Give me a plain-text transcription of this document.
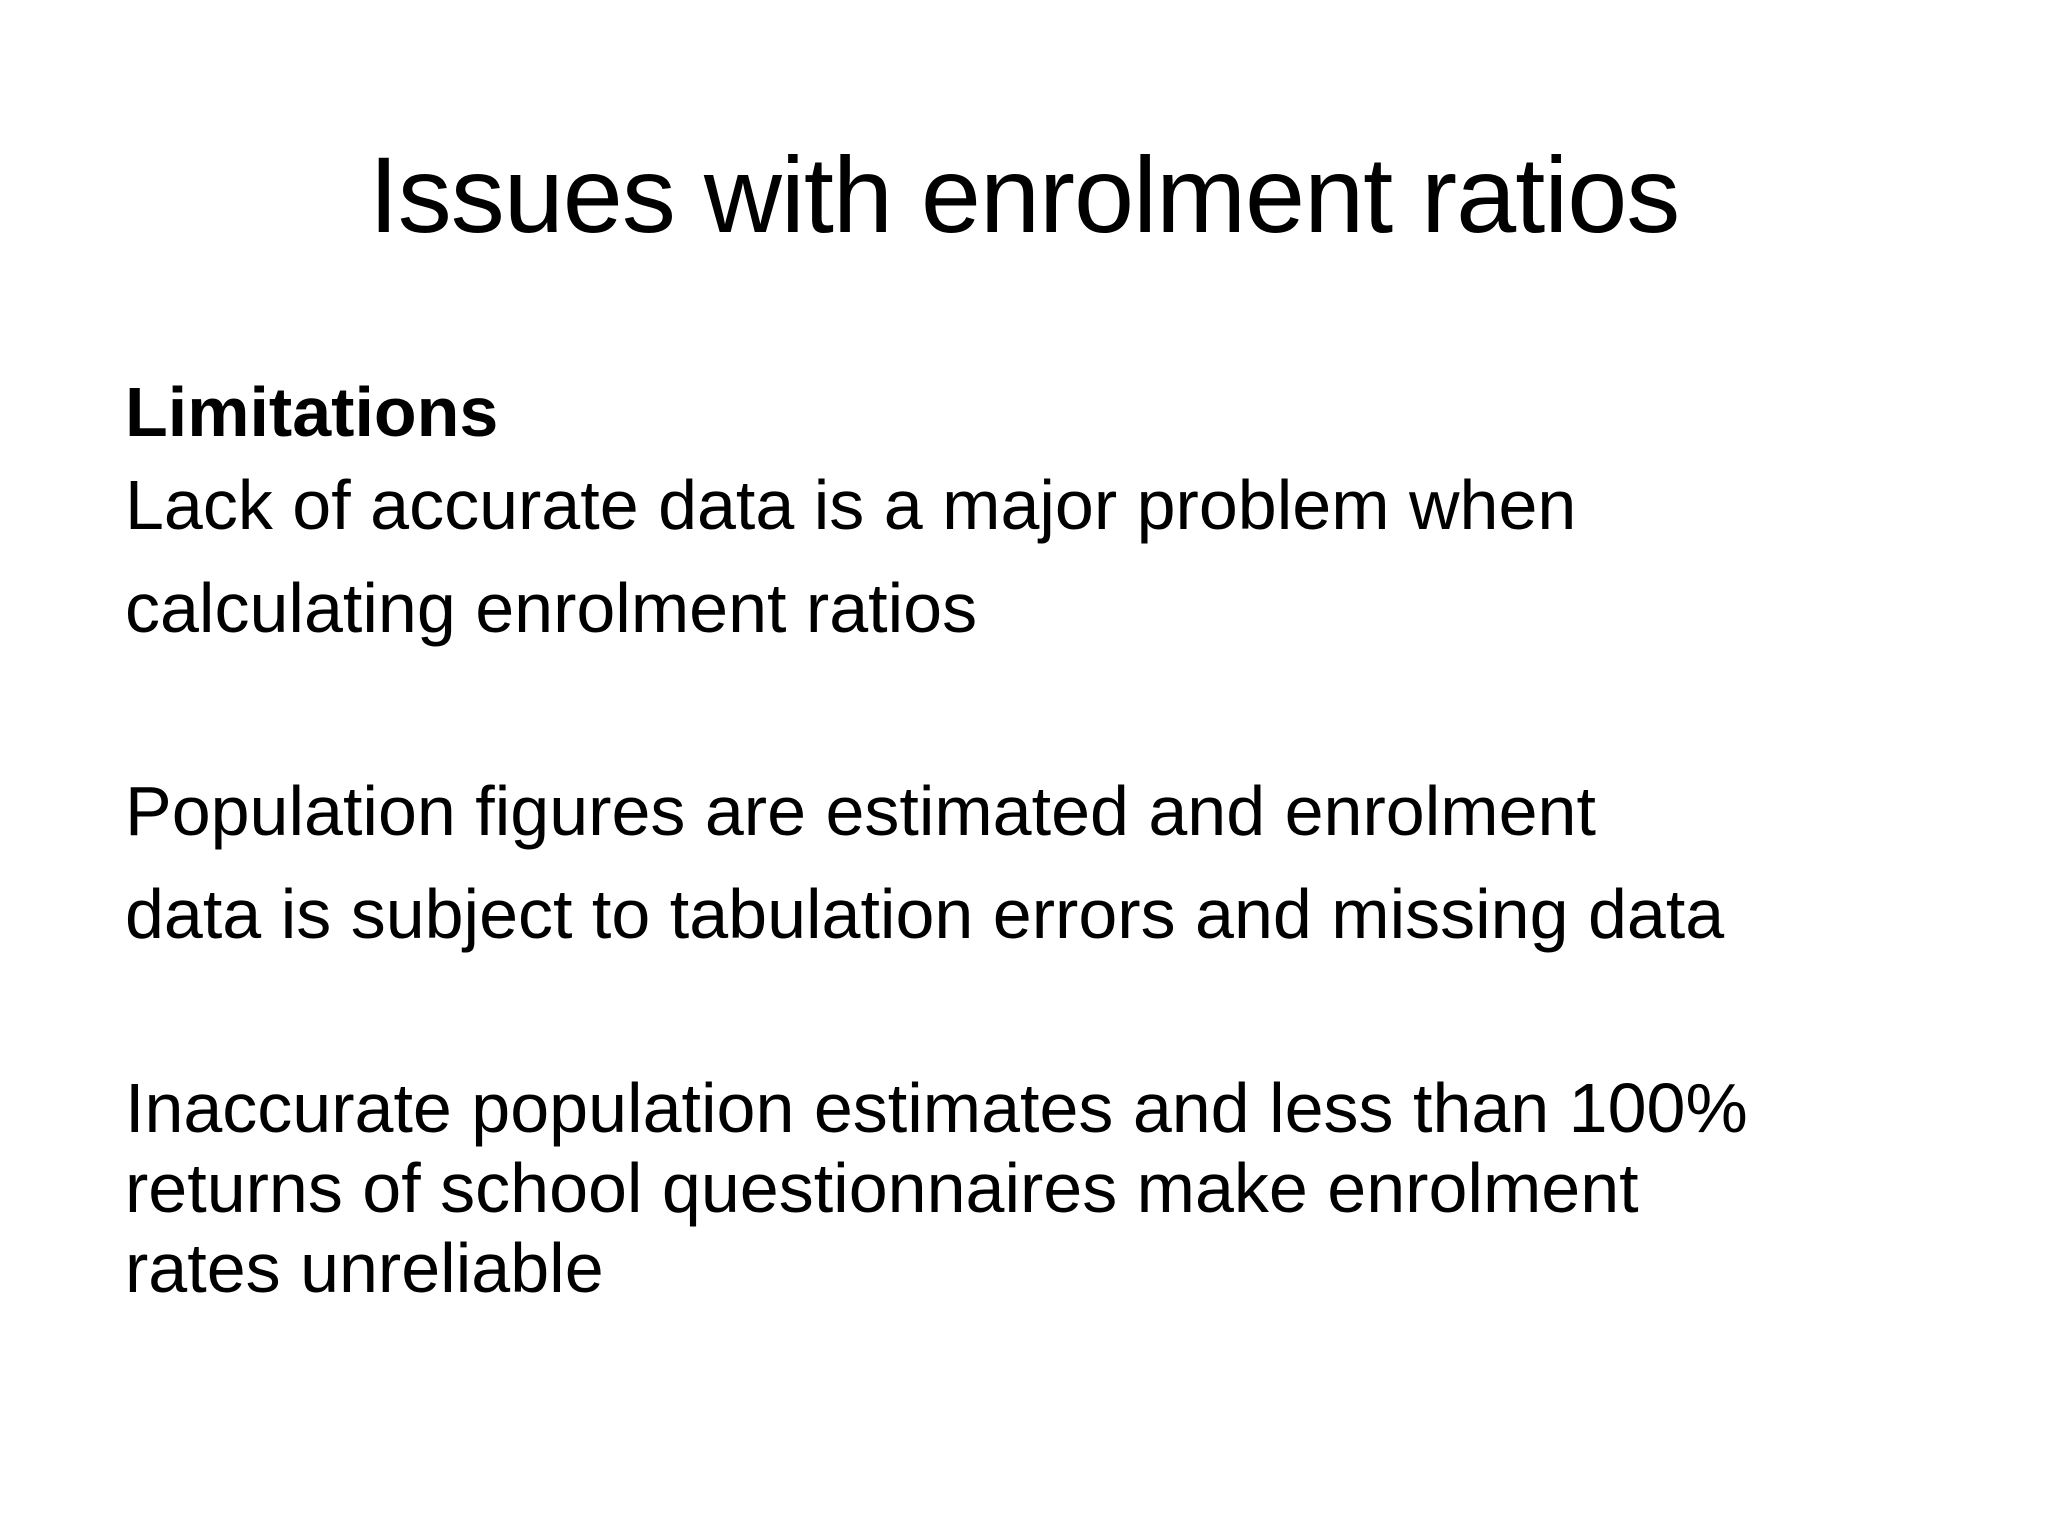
Issues with enrolment ratios

Limitations

Lack of accurate data is a major problem when
calculating enrolment ratios

Population figures are estimated and enrolment
data is subject to tabulation errors and missing data

Inaccurate population estimates and less than 100%
returns of school questionnaires make enrolment
rates unreliable
